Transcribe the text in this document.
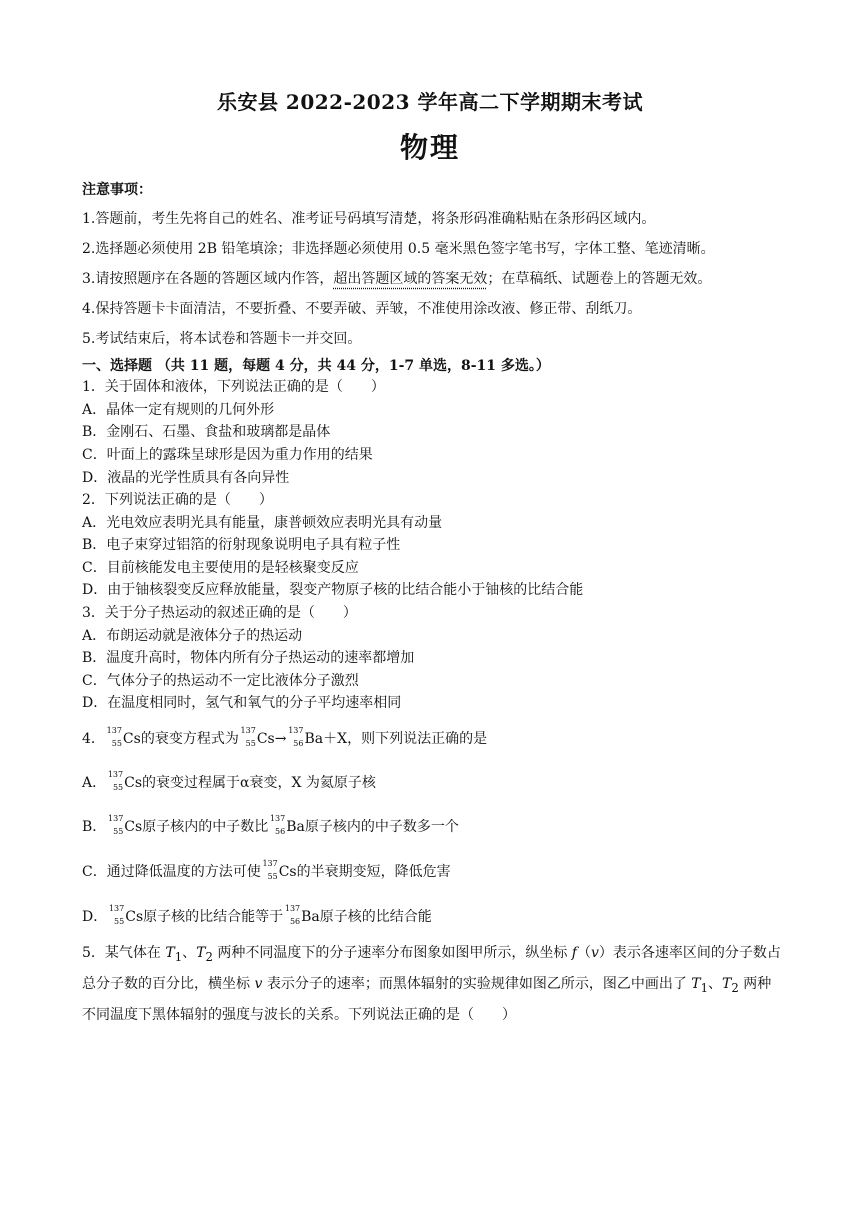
乐安县 2022-2023 学年高二下学期期末考试
物理
注意事项：
1.答题前，考生先将自己的姓名、准考证号码填写清楚，将条形码准确粘贴在条形码区域内。
2.选择题必须使用 2B 铅笔填涂；非选择题必须使用 0.5 毫米黑色签字笔书写，字体工整、笔迹清晰。
3.请按照题序在各题的答题区域内作答，超出答题区域的答案无效；在草稿纸、试题卷上的答题无效。
4.保持答题卡卡面清洁，不要折叠、不要弄破、弄皱，不准使用涂改液、修正带、刮纸刀。
5.考试结束后，将本试卷和答题卡一并交回。
一、选择题 （共 11 题，每题 4 分，共 44 分，1-7 单选，8-11 多选。）
1．关于固体和液体，下列说法正确的是（　　）
A．晶体一定有规则的几何外形
B．金刚石、石墨、食盐和玻璃都是晶体
C．叶面上的露珠呈球形是因为重力作用的结果
D．液晶的光学性质具有各向异性
2．下列说法正确的是（　　）
A．光电效应表明光具有能量，康普顿效应表明光具有动量
B．电子束穿过铝箔的衍射现象说明电子具有粒子性
C．目前核能发电主要使用的是轻核聚变反应
D．由于铀核裂变反应释放能量，裂变产物原子核的比结合能小于铀核的比结合能
3．关于分子热运动的叙述正确的是（　　）
A．布朗运动就是液体分子的热运动
B．温度升高时，物体内所有分子热运动的速率都增加
C．气体分子的热运动不一定比液体分子激烈
D．在温度相同时，氢气和氧气的分子平均速率相同
4．
137
55 Cs的衰变方程式为
137
55 Cs→
137
56 Ba＋X，则下列说法正确的是
A．
137
55 Cs的衰变过程属于α衰变，X 为氦原子核
B．
137
55 Cs原子核内的中子数比
137
56 Ba原子核内的中子数多一个
C．通过降低温度的方法可使
137
55 Cs的半衰期变短，降低危害
D．
137
55 Cs原子核的比结合能等于
137
56 Ba原子核的比结合能
5．某气体在 $T_1$、$T_2$ 两种不同温度下的分子速率分布图象如图甲所示，纵坐标 f（v）表示各速率区间的分子数占总分子数的百分比，横坐标 v 表示分子的速率；而黑体辐射的实验规律如图乙所示，图乙中画出了 $T_1$、$T_2$ 两种不同温度下黑体辐射的强度与波长的关系。下列说法正确的是（　　）
